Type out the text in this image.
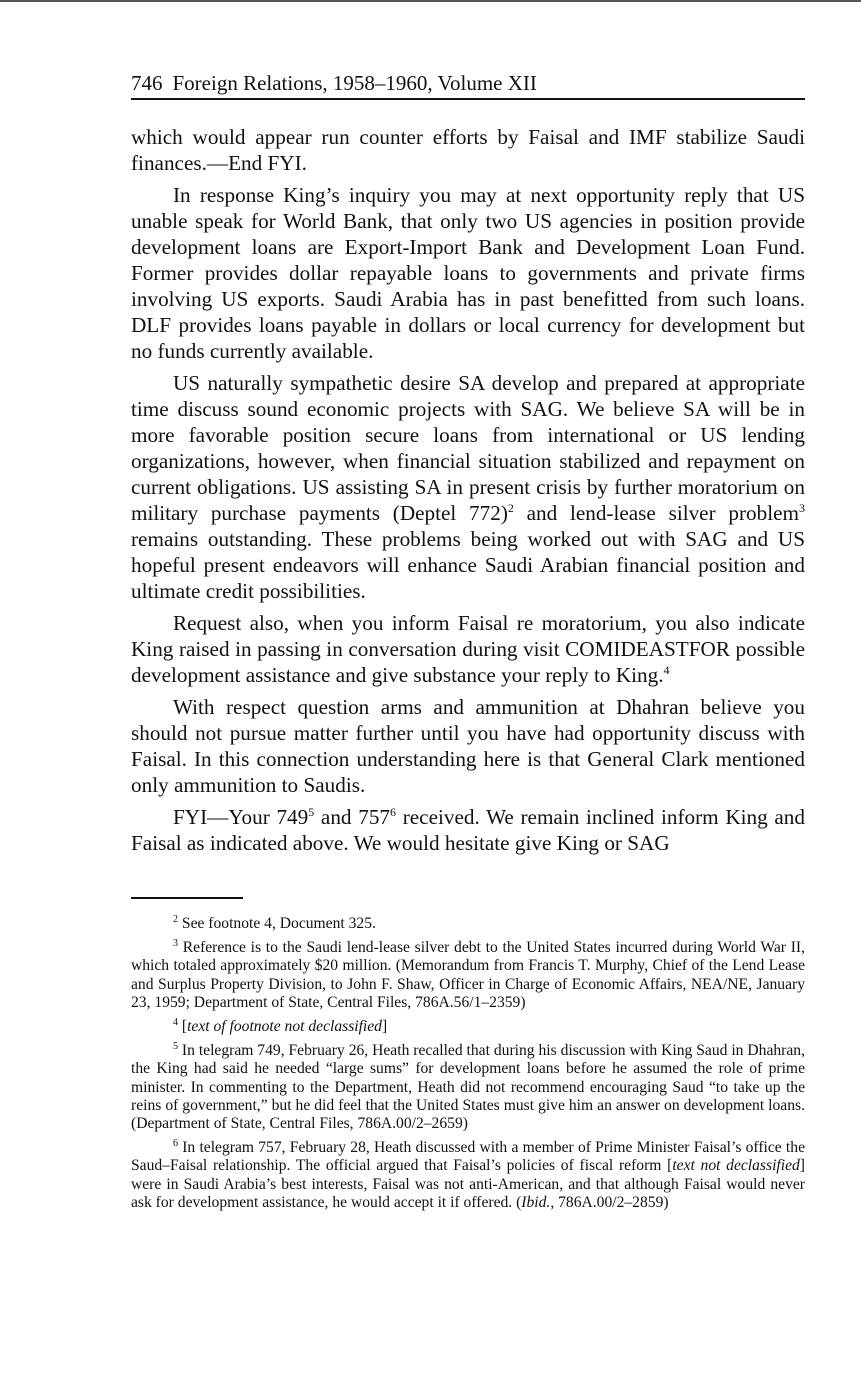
746 Foreign Relations, 1958–1960, Volume XII

which would appear run counter efforts by Faisal and IMF stabilize Saudi finances.—End FYI.

In response King’s inquiry you may at next opportunity reply that US unable speak for World Bank, that only two US agencies in position provide development loans are Export-Import Bank and Development Loan Fund. Former provides dollar repayable loans to governments and private firms involving US exports. Saudi Arabia has in past benefitted from such loans. DLF provides loans payable in dollars or local currency for development but no funds currently available.

US naturally sympathetic desire SA develop and prepared at appropriate time discuss sound economic projects with SAG. We believe SA will be in more favorable position secure loans from international or US lending organizations, however, when financial situation stabilized and repayment on current obligations. US assisting SA in present crisis by further moratorium on military purchase payments (Deptel 772)$^2$ and lend-lease silver problem$^3$ remains outstanding. These problems being worked out with SAG and US hopeful present endeavors will enhance Saudi Arabian financial position and ultimate credit possibilities.

Request also, when you inform Faisal re moratorium, you also indicate King raised in passing in conversation during visit COMIDEASTFOR possible development assistance and give substance your reply to King.$^4$

With respect question arms and ammunition at Dhahran believe you should not pursue matter further until you have had opportunity discuss with Faisal. In this connection understanding here is that General Clark mentioned only ammunition to Saudis.

FYI—Your $749^5$ and $757^6$ received. We remain inclined inform King and Faisal as indicated above. We would hesitate give King or SAG

$^2$ See footnote 4, Document 325.

$^3$ Reference is to the Saudi lend-lease silver debt to the United States incurred during World War II, which totaled approximately $20 million. (Memorandum from Francis T. Murphy, Chief of the Lend Lease and Surplus Property Division, to John F. Shaw, Officer in Charge of Economic Affairs, NEA/NE, January 23, 1959; Department of State, Central Files, 786A.56/1–2359)

$^4$ [text of footnote not declassified]

$^5$ In telegram 749, February 26, Heath recalled that during his discussion with King Saud in Dhahran, the King had said he needed “large sums” for development loans before he assumed the role of prime minister. In commenting to the Department, Heath did not recommend encouraging Saud “to take up the reins of government,” but he did feel that the United States must give him an answer on development loans. (Department of State, Central Files, 786A.00/2–2659)

$^6$ In telegram 757, February 28, Heath discussed with a member of Prime Minister Faisal’s office the Saud–Faisal relationship. The official argued that Faisal’s policies of fiscal reform [text not declassified] were in Saudi Arabia’s best interests, Faisal was not anti-American, and that although Faisal would never ask for development assistance, he would accept it if offered. (Ibid., 786A.00/2–2859)
